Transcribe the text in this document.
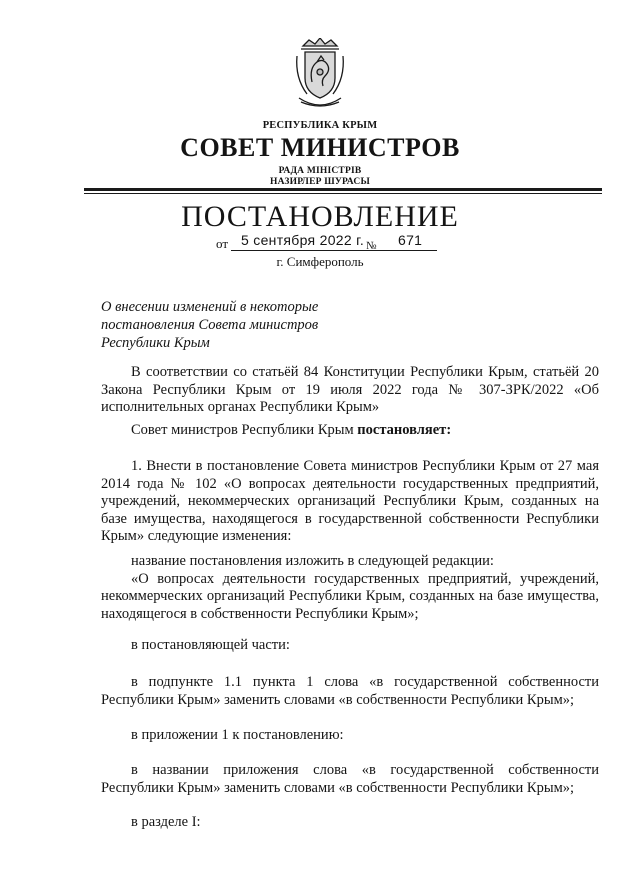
РЕСПУБЛИКА КРЫМ
СОВЕТ МИНИСТРОВ
РАДА МІНІСТРІВ
НАЗИРЛЕР ШУРАСЫ
ПОСТАНОВЛЕНИЕ
от 5 сентября 2022 г. № 671
г. Симферополь
О внесении изменений в некоторые
постановления Совета министров
Республики Крым

В соответствии со статьёй 84 Конституции Республики Крым, статьёй 20 Закона Республики Крым от 19 июля 2022 года № 307-ЗРК/2022 «Об исполнительных органах Республики Крым»

Совет министров Республики Крым постановляет:

1. Внести в постановление Совета министров Республики Крым от 27 мая 2014 года № 102 «О вопросах деятельности государственных предприятий, учреждений, некоммерческих организаций Республики Крым, созданных на базе имущества, находящегося в государственной собственности Республики Крым» следующие изменения:

название постановления изложить в следующей редакции:

«О вопросах деятельности государственных предприятий, учреждений, некоммерческих организаций Республики Крым, созданных на базе имущества, находящегося в собственности Республики Крым»;

в постановляющей части:

в подпункте 1.1 пункта 1 слова «в государственной собственности Республики Крым» заменить словами «в собственности Республики Крым»;

в приложении 1 к постановлению:

в названии приложения слова «в государственной собственности Республики Крым» заменить словами «в собственности Республики Крым»;

в разделе I:
